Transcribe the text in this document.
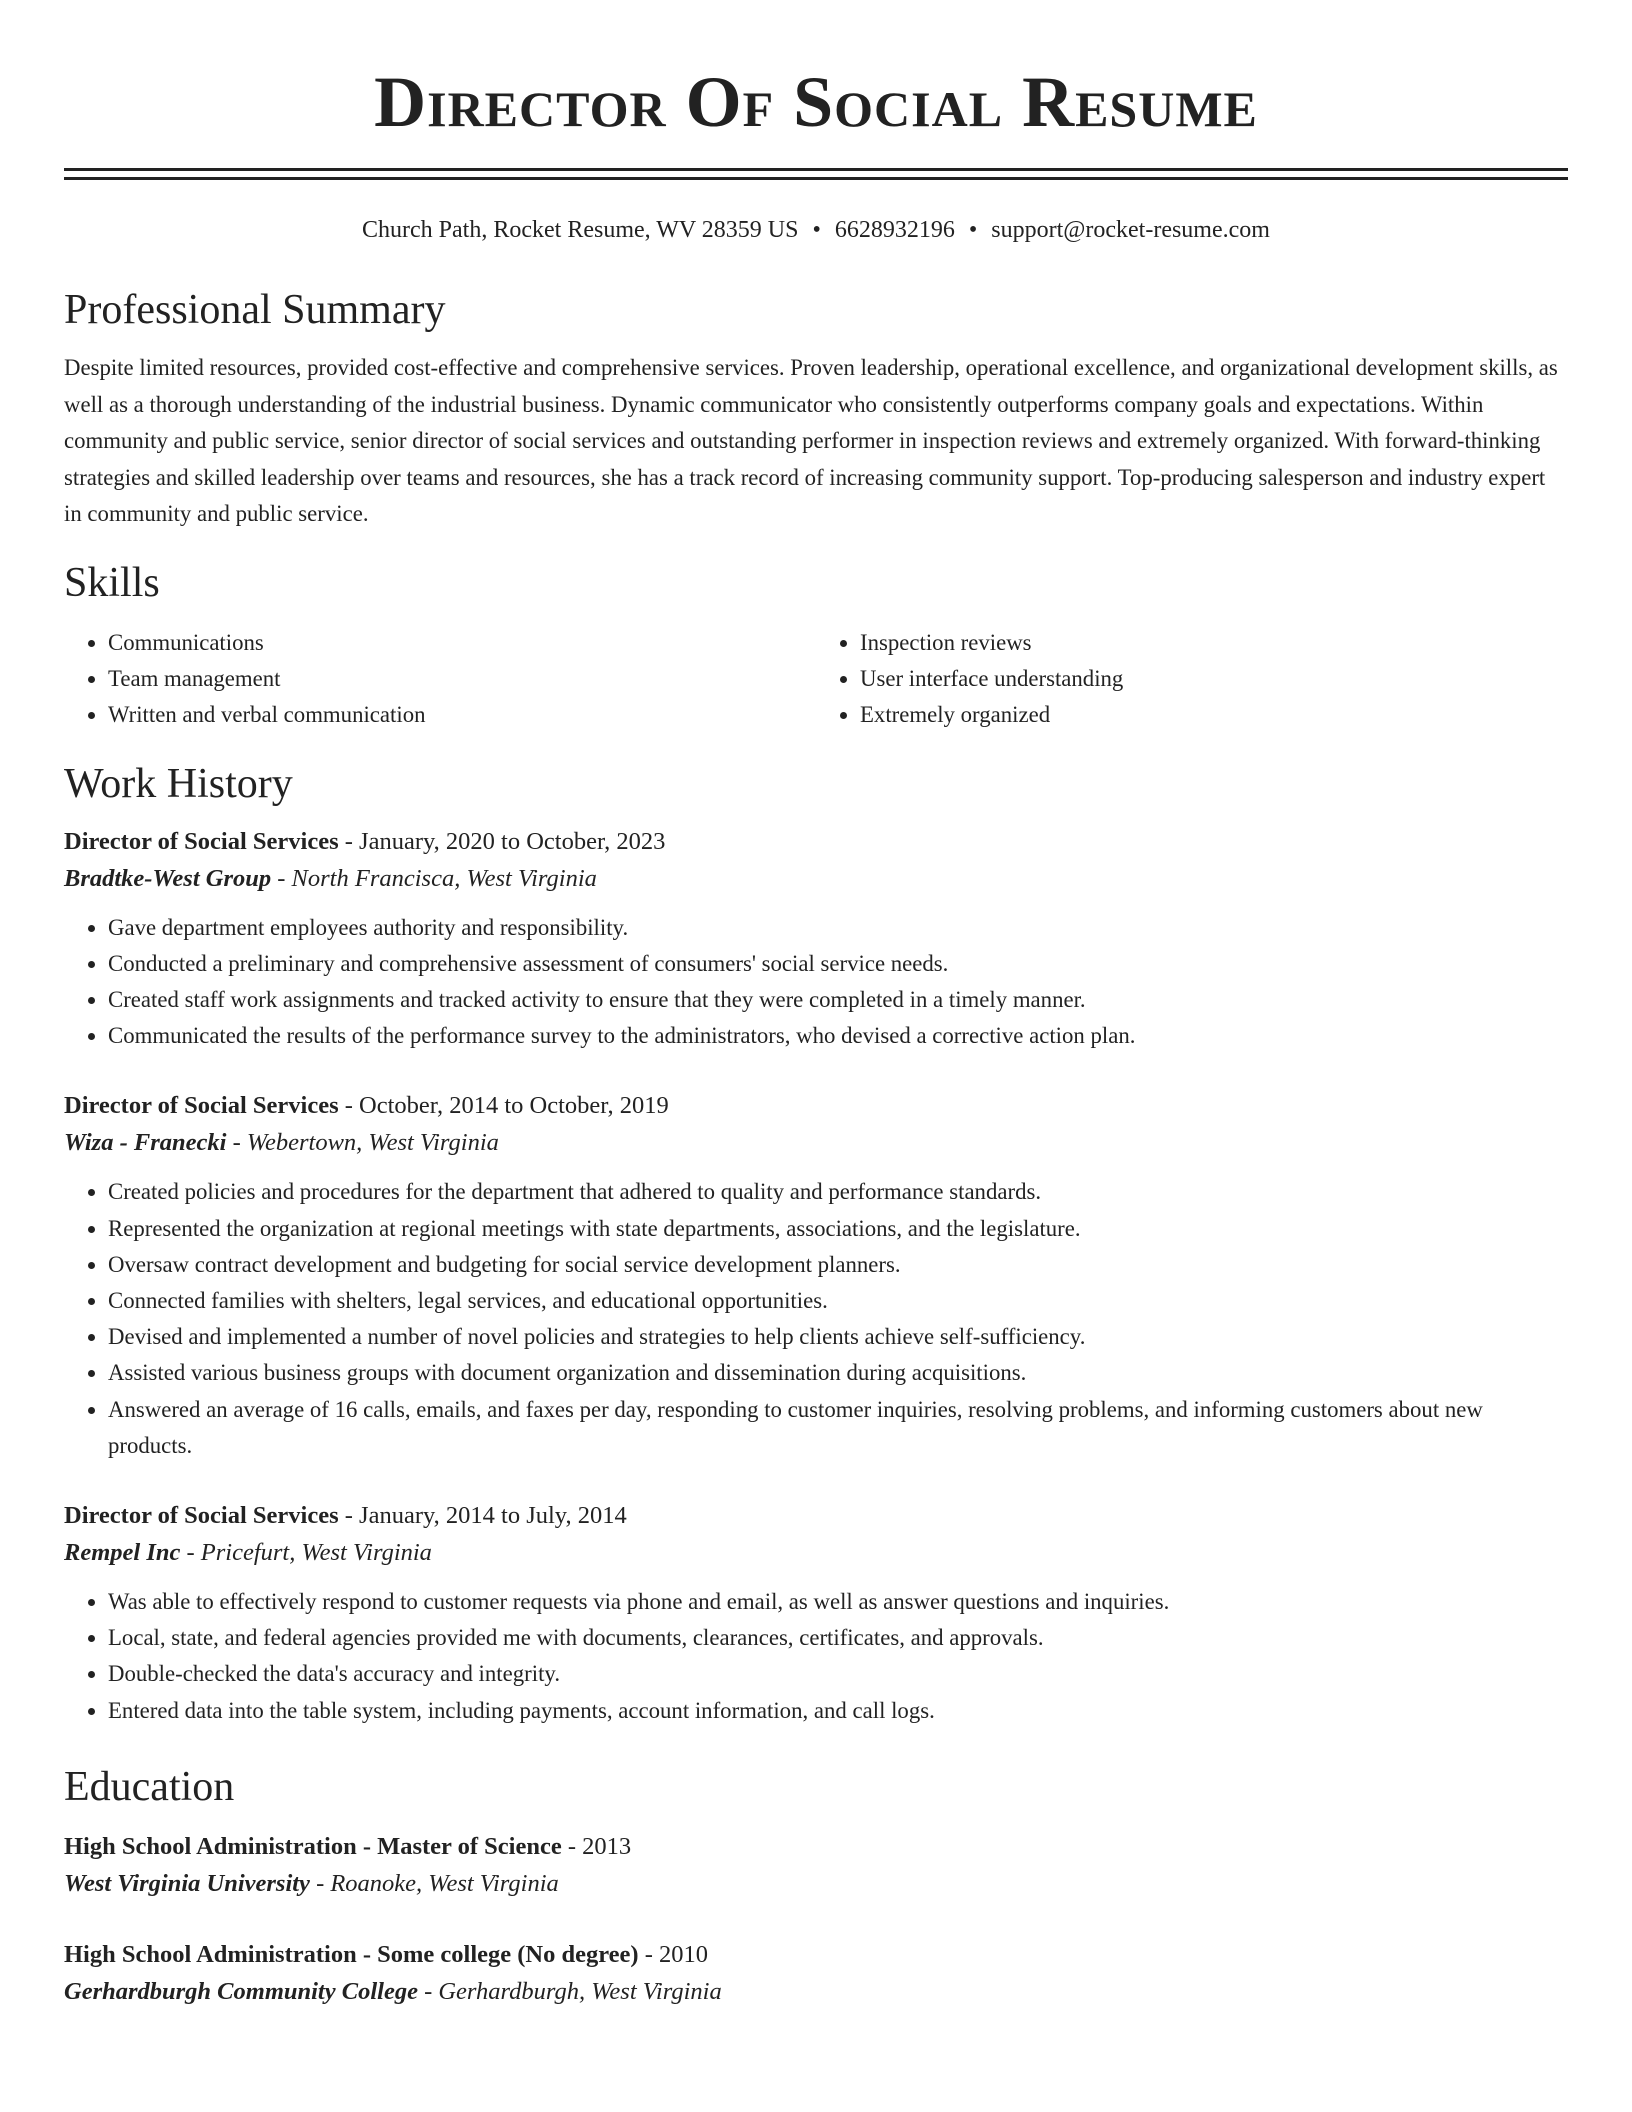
Director Of Social Resume
Church Path, Rocket Resume, WV 28359 US • 6628932196 • support@rocket-resume.com
Professional Summary

Despite limited resources, provided cost-effective and comprehensive services. Proven leadership, operational excellence, and organizational development skills, as well as a thorough understanding of the industrial business. Dynamic communicator who consistently outperforms company goals and expectations. Within community and public service, senior director of social services and outstanding performer in inspection reviews and extremely organized. With forward-thinking strategies and skilled leadership over teams and resources, she has a track record of increasing community support. Top-producing salesperson and industry expert in community and public service.

Skills
• Communications
• Team management
• Written and verbal communication
• Inspection reviews
• User interface understanding
• Extremely organized
Work History
Director of Social Services - January, 2020 to October, 2023
Bradtke-West Group - North Francisca, West Virginia
• Gave department employees authority and responsibility.
• Conducted a preliminary and comprehensive assessment of consumers' social service needs.
• Created staff work assignments and tracked activity to ensure that they were completed in a timely manner.
• Communicated the results of the performance survey to the administrators, who devised a corrective action plan.
Director of Social Services - October, 2014 to October, 2019
Wiza - Franecki - Webertown, West Virginia
• Created policies and procedures for the department that adhered to quality and performance standards.
• Represented the organization at regional meetings with state departments, associations, and the legislature.
• Oversaw contract development and budgeting for social service development planners.
• Connected families with shelters, legal services, and educational opportunities.
• Devised and implemented a number of novel policies and strategies to help clients achieve self-sufficiency.
• Assisted various business groups with document organization and dissemination during acquisitions.
• Answered an average of 16 calls, emails, and faxes per day, responding to customer inquiries, resolving problems, and informing customers about new products.
Director of Social Services - January, 2014 to July, 2014
Rempel Inc - Pricefurt, West Virginia
• Was able to effectively respond to customer requests via phone and email, as well as answer questions and inquiries.
• Local, state, and federal agencies provided me with documents, clearances, certificates, and approvals.
• Double-checked the data's accuracy and integrity.
• Entered data into the table system, including payments, account information, and call logs.
Education
High School Administration - Master of Science - 2013
West Virginia University - Roanoke, West Virginia
High School Administration - Some college (No degree) - 2010
Gerhardburgh Community College - Gerhardburgh, West Virginia
